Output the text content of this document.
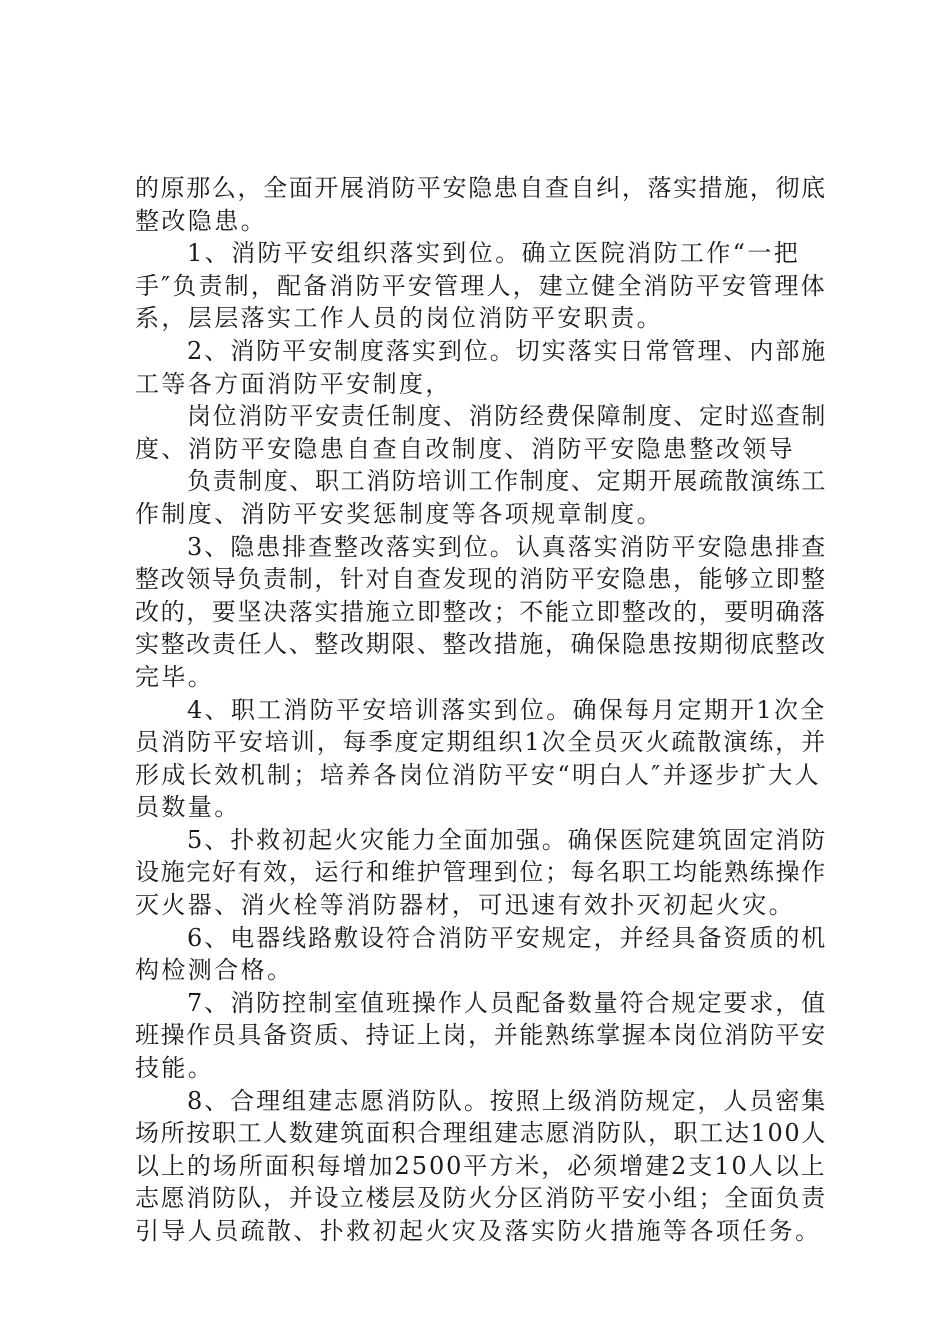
的原那么，全面开展消防平安隐患自查自纠，落实措施，彻底
整改隐患。
1、消防平安组织落实到位。确立医院消防工作“一把
手″负责制，配备消防平安管理人，建立健全消防平安管理体
系，层层落实工作人员的岗位消防平安职责。
2、消防平安制度落实到位。切实落实日常管理、内部施
工等各方面消防平安制度，
岗位消防平安责任制度、消防经费保障制度、定时巡查制
度、消防平安隐患自查自改制度、消防平安隐患整改领导
负责制度、职工消防培训工作制度、定期开展疏散演练工
作制度、消防平安奖惩制度等各项规章制度。
3、隐患排查整改落实到位。认真落实消防平安隐患排查
整改领导负责制，针对自查发现的消防平安隐患，能够立即整
改的，要坚决落实措施立即整改；不能立即整改的，要明确落
实整改责任人、整改期限、整改措施，确保隐患按期彻底整改
完毕。
4、职工消防平安培训落实到位。确保每月定期开1次全
员消防平安培训，每季度定期组织1次全员灭火疏散演练，并
形成长效机制；培养各岗位消防平安“明白人″并逐步扩大人
员数量。
5、扑救初起火灾能力全面加强。确保医院建筑固定消防
设施完好有效，运行和维护管理到位；每名职工均能熟练操作
灭火器、消火栓等消防器材，可迅速有效扑灭初起火灾。
6、电器线路敷设符合消防平安规定，并经具备资质的机
构检测合格。
7、消防控制室值班操作人员配备数量符合规定要求，值
班操作员具备资质、持证上岗，并能熟练掌握本岗位消防平安
技能。
8、合理组建志愿消防队。按照上级消防规定，人员密集
场所按职工人数建筑面积合理组建志愿消防队，职工达100人
以上的场所面积每增加2500平方米，必须增建2支10人以上
志愿消防队，并设立楼层及防火分区消防平安小组；全面负责
引导人员疏散、扑救初起火灾及落实防火措施等各项任务。
